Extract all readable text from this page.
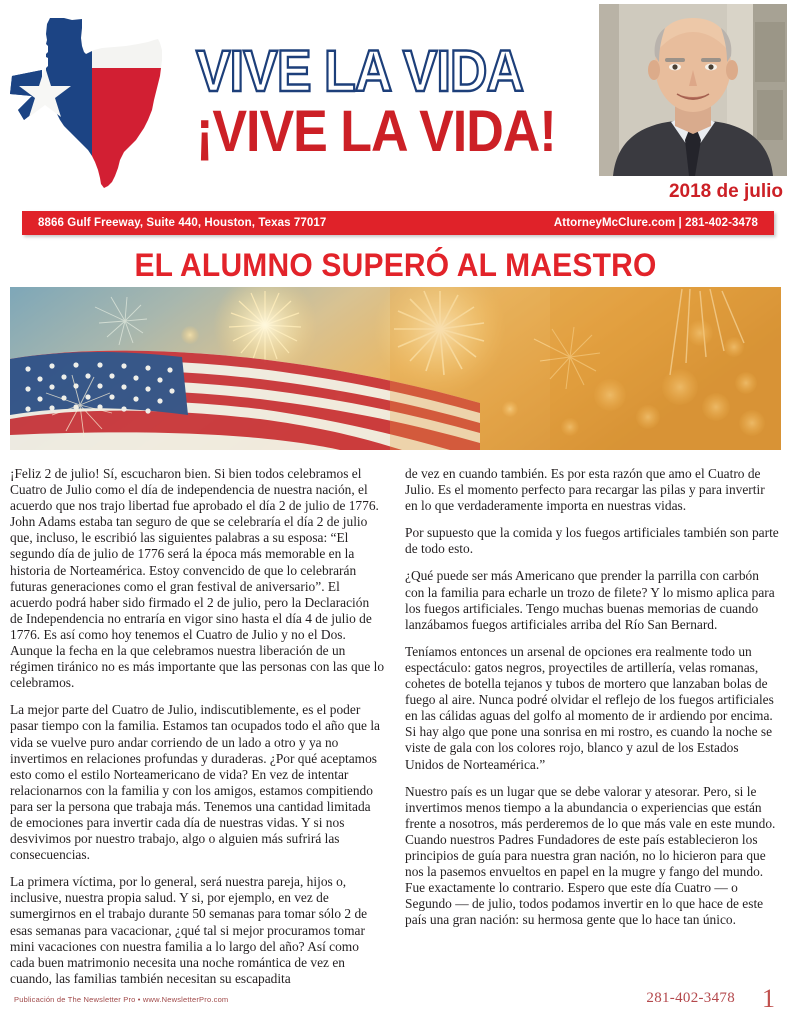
VIVE LA VIDA
¡VIVE LA VIDA!
2018 de julio
8866 Gulf Freeway, Suite 440, Houston, Texas 77017	AttorneyMcClure.com | 281-402-3478
EL ALUMNO SUPERÓ AL MAESTRO

¡Feliz 2 de julio! Sí, escucharon bien. Si bien todos celebramos el Cuatro de Julio como el día de independencia de nuestra nación, el acuerdo que nos trajo libertad fue aprobado el día 2 de julio de 1776. John Adams estaba tan seguro de que se celebraría el día 2 de julio que, incluso, le escribió las siguientes palabras a su esposa: “El segundo día de julio de 1776 será la época más memorable en la historia de Norteamérica. Estoy convencido de que lo celebrarán futuras generaciones como el gran festival de aniversario”. El acuerdo podrá haber sido firmado el 2 de julio, pero la Declaración de Independencia no entraría en vigor sino hasta el día 4 de julio de 1776. Es así como hoy tenemos el Cuatro de Julio y no el Dos. Aunque la fecha en la que celebramos nuestra liberación de un régimen tiránico no es más importante que las personas con las que lo celebramos.

La mejor parte del Cuatro de Julio, indiscutiblemente, es el poder pasar tiempo con la familia. Estamos tan ocupados todo el año que la vida se vuelve puro andar corriendo de un lado a otro y ya no invertimos en relaciones profundas y duraderas. ¿Por qué aceptamos esto como el estilo Norteamericano de vida? En vez de intentar relacionarnos con la familia y con los amigos, estamos compitiendo para ser la persona que trabaja más. Tenemos una cantidad limitada de emociones para invertir cada día de nuestras vidas. Y si nos desvivimos por nuestro trabajo, algo o alguien más sufrirá las consecuencias.

La primera víctima, por lo general, será nuestra pareja, hijos o, inclusive, nuestra propia salud. Y si, por ejemplo, en vez de sumergirnos en el trabajo durante 50 semanas para tomar sólo 2 de esas semanas para vacacionar, ¿qué tal si mejor procuramos tomar mini vacaciones con nuestra familia a lo largo del año? Así como cada buen matrimonio necesita una noche romántica de vez en cuando, las familias también necesitan su escapadita

de vez en cuando también. Es por esta razón que amo el Cuatro de Julio. Es el momento perfecto para recargar las pilas y para invertir en lo que verdaderamente importa en nuestras vidas.

Por supuesto que la comida y los fuegos artificiales también son parte de todo esto.

¿Qué puede ser más Americano que prender la parrilla con carbón con la familia para echarle un trozo de filete? Y lo mismo aplica para los fuegos artificiales. Tengo muchas buenas memorias de cuando lanzábamos fuegos artificiales arriba del Río San Bernard.

Teníamos entonces un arsenal de opciones era realmente todo un espectáculo: gatos negros, proyectiles de artillería, velas romanas, cohetes de botella tejanos y tubos de mortero que lanzaban bolas de fuego al aire. Nunca podré olvidar el reflejo de los fuegos artificiales en las cálidas aguas del golfo al momento de ir ardiendo por encima. Si hay algo que pone una sonrisa en mi rostro, es cuando la noche se viste de gala con los colores rojo, blanco y azul de los Estados Unidos de Norteamérica.”

Nuestro país es un lugar que se debe valorar y atesorar. Pero, si le invertimos menos tiempo a la abundancia o experiencias que están frente a nosotros, más perderemos de lo que más vale en este mundo. Cuando nuestros Padres Fundadores de este país establecieron los principios de guía para nuestra gran nación, no lo hicieron para que nos la pasemos envueltos en papel en la mugre y fango del mundo. Fue exactamente lo contrario. Espero que este día Cuatro — o Segundo — de julio, todos podamos invertir en lo que hace de este país una gran nación: su hermosa gente que lo hace tan único.

Publicación de The Newsletter Pro • www.NewsletterPro.com	281-402-3478 1
